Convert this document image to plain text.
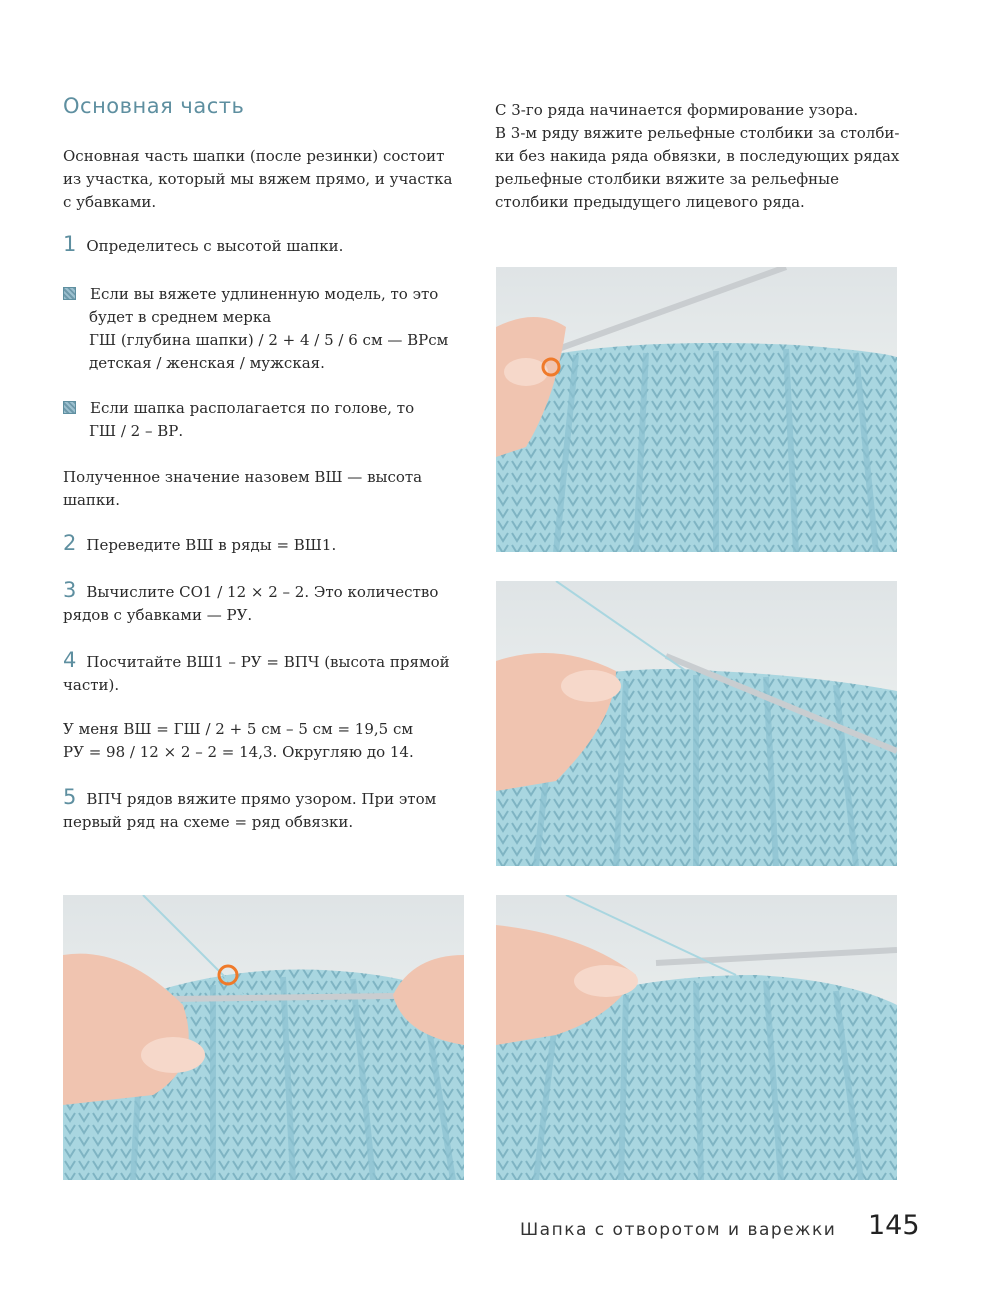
Основная часть
Основная часть шапки (после резинки) состоит
из участка, который мы вяжем прямо, и участка
с убавками.
1 Определитесь с высотой шапки.
Если вы вяжете удлиненную модель, то это
будет в среднем мерка
ГШ (глубина шапки) / 2 + 4 / 5 / 6 см — ВРсм
детская / женская / мужская.
Если шапка располагается по голове, то
ГШ / 2 – ВР.
Полученное значение назовем ВШ — высота
шапки.
2 Переведите ВШ в ряды = ВШ1.
3 Вычислите СО1 / 12 × 2 – 2. Это количество
рядов с убавками — РУ.
4 Посчитайте ВШ1 – РУ = ВПЧ (высота прямой
части).
У меня ВШ = ГШ / 2 + 5 см – 5 см = 19,5 см
РУ = 98 / 12 × 2 – 2 = 14,3. Округляю до 14.
5 ВПЧ рядов вяжите прямо узором. При этом
первый ряд на схеме = ряд обвязки.
С 3-го ряда начинается формирование узора.
В 3-м ряду вяжите рельефные столбики за столби-
ки без накида ряда обвязки, в последующих рядах
рельефные столбики вяжите за рельефные
столбики предыдущего лицевого ряда.
Шапка с отворотом и варежки 145
